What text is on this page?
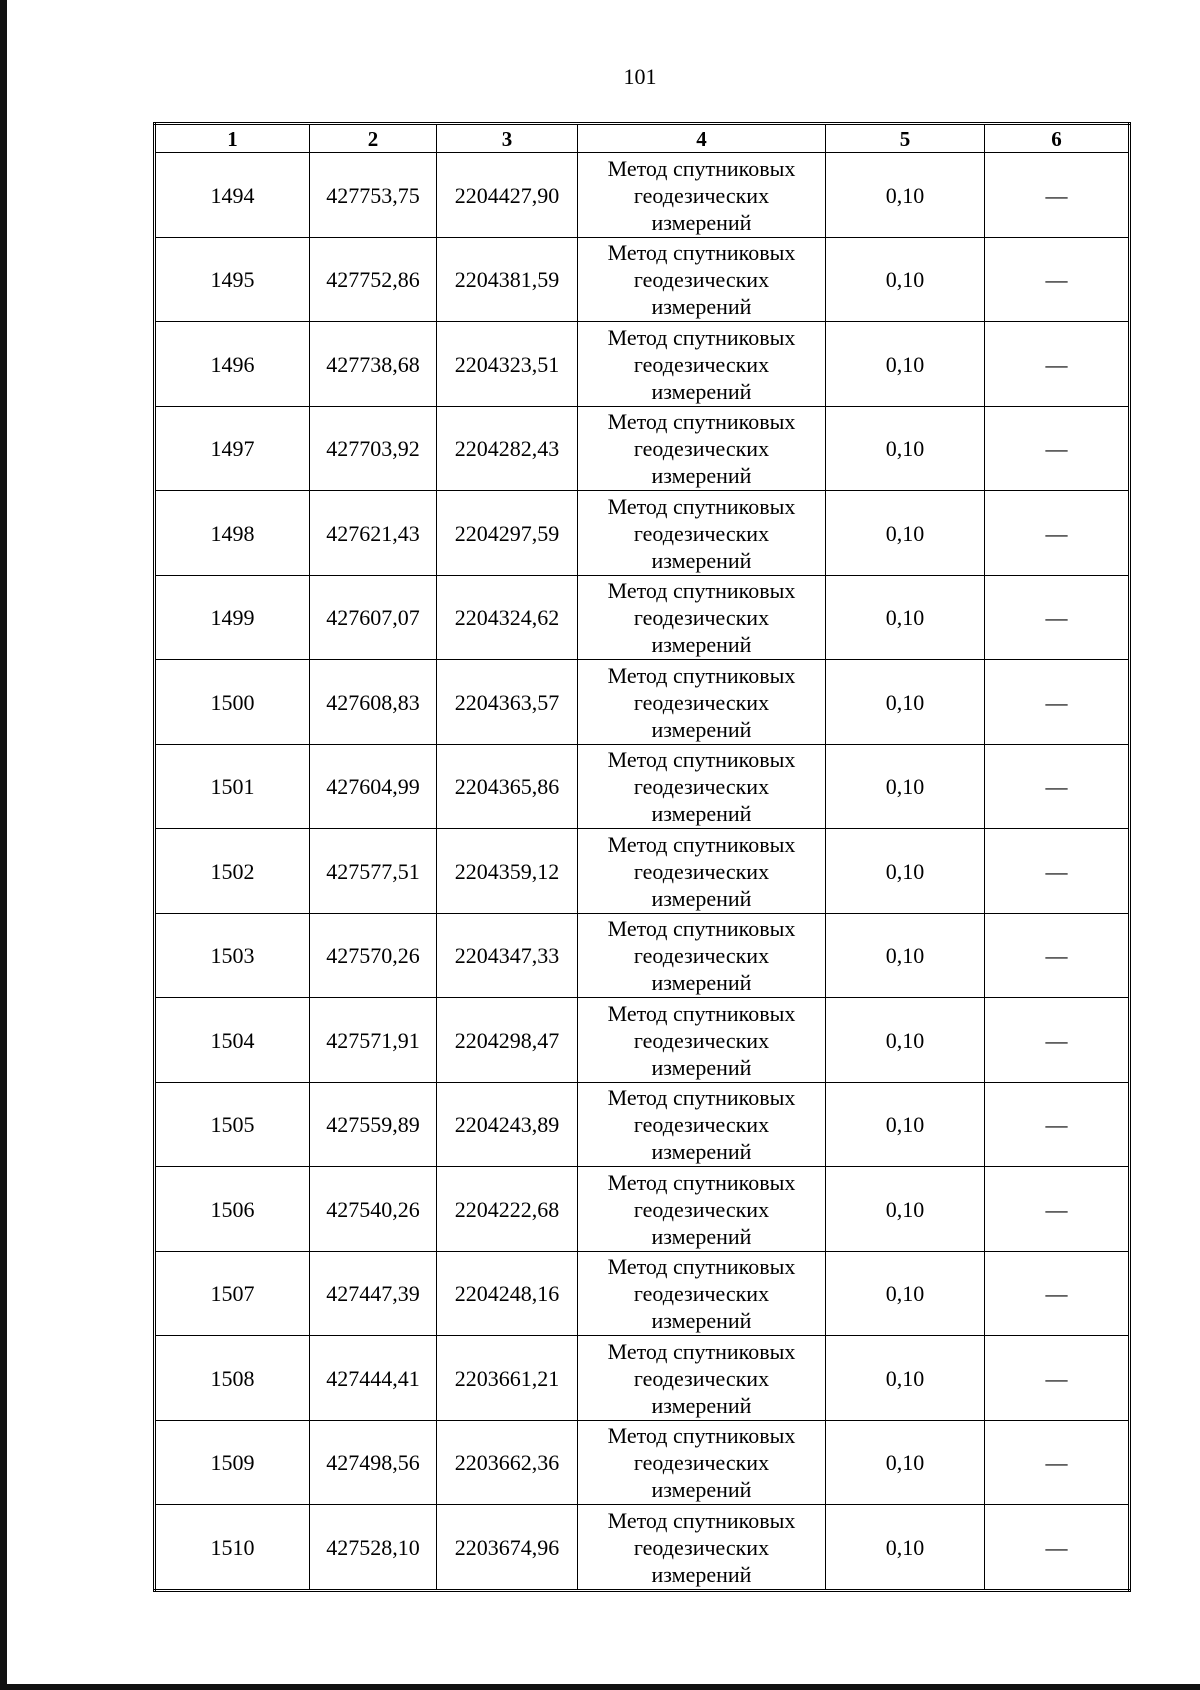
101
1	2	3	4	5	6
1494	427753,75	2204427,90	Метод спутниковых
геодезических
измерений	0,10	—
1495	427752,86	2204381,59	Метод спутниковых
геодезических
измерений	0,10	—
1496	427738,68	2204323,51	Метод спутниковых
геодезических
измерений	0,10	—
1497	427703,92	2204282,43	Метод спутниковых
геодезических
измерений	0,10	—
1498	427621,43	2204297,59	Метод спутниковых
геодезических
измерений	0,10	—
1499	427607,07	2204324,62	Метод спутниковых
геодезических
измерений	0,10	—
1500	427608,83	2204363,57	Метод спутниковых
геодезических
измерений	0,10	—
1501	427604,99	2204365,86	Метод спутниковых
геодезических
измерений	0,10	—
1502	427577,51	2204359,12	Метод спутниковых
геодезических
измерений	0,10	—
1503	427570,26	2204347,33	Метод спутниковых
геодезических
измерений	0,10	—
1504	427571,91	2204298,47	Метод спутниковых
геодезических
измерений	0,10	—
1505	427559,89	2204243,89	Метод спутниковых
геодезических
измерений	0,10	—
1506	427540,26	2204222,68	Метод спутниковых
геодезических
измерений	0,10	—
1507	427447,39	2204248,16	Метод спутниковых
геодезических
измерений	0,10	—
1508	427444,41	2203661,21	Метод спутниковых
геодезических
измерений	0,10	—
1509	427498,56	2203662,36	Метод спутниковых
геодезических
измерений	0,10	—
1510	427528,10	2203674,96	Метод спутниковых
геодезических
измерений	0,10	—
